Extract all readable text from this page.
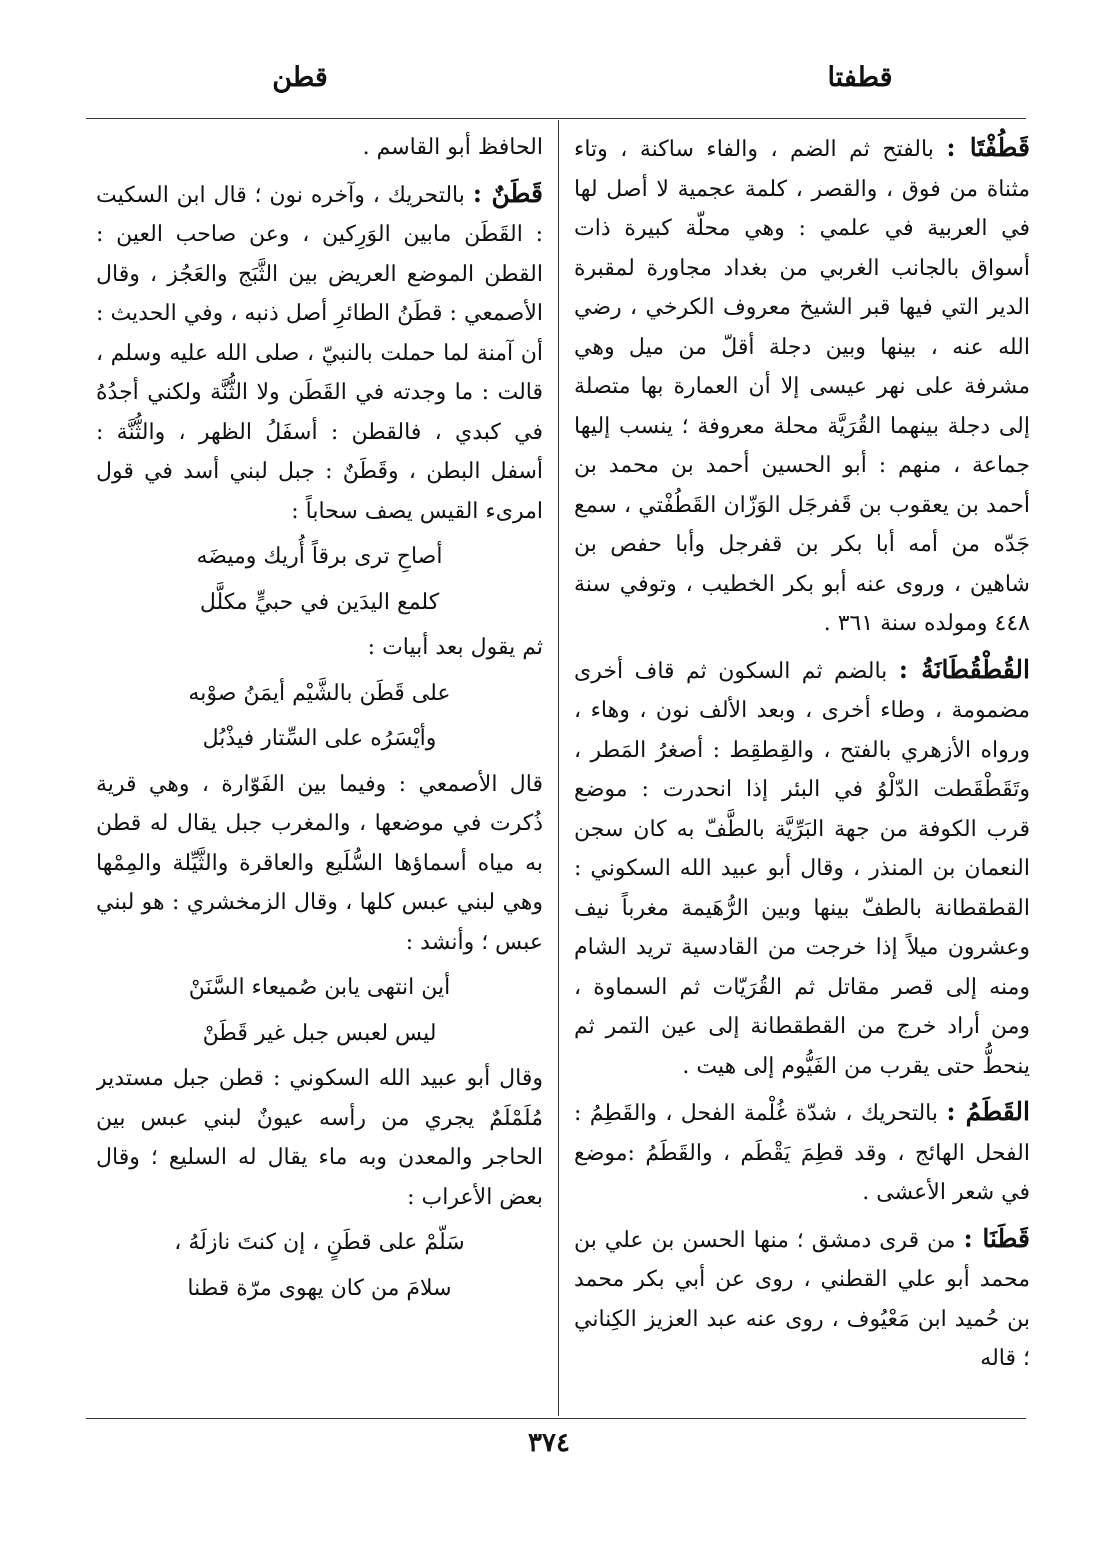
قطفتا
قطن

قَطُفْتَا : بالفتح ثم الضم ، والفاء ساكنة ، وتاء مثناة من فوق ، والقصر ، كلمة عجمية لا أصل لها في العربية في علمي : وهي محلّة كبيرة ذات أسواق بالجانب الغربي من بغداد مجاورة لمقبرة الدير التي فيها قبر الشيخ معروف الكرخي ، رضي الله عنه ، بينها وبين دجلة أقلّ من ميل وهي مشرفة على نهر عيسى إلا أن العمارة بها متصلة إلى دجلة بينهما القُرَيَّة محلة معروفة ؛ ينسب إليها جماعة ، منهم : أبو الحسين أحمد بن محمد بن أحمد بن يعقوب بن قَفرجَل الوَزّان القَطُفْتي ، سمع جَدّه من أمه أبا بكر بن قفرجل وأبا حفص بن شاهين ، وروى عنه أبو بكر الخطيب ، وتوفي سنة ٤٤٨ ومولده سنة ٣٦١ .

القُطْقُطَانَةُ : بالضم ثم السكون ثم قاف أخرى مضمومة ، وطاء أخرى ، وبعد الألف نون ، وهاء ، ورواه الأزهري بالفتح ، والقِطقِط : أصغرُ المَطر ، وتَقَطْقَطت الدّلْوُ في البئر إذا انحدرت : موضع قرب الكوفة من جهة البَرِّيَّة بالطَّفّ به كان سجن النعمان بن المنذر ، وقال أبو عبيد الله السكوني : القطقطانة بالطفّ بينها وبين الرُّهَيمة مغرباً نيف وعشرون ميلاً إذا خرجت من القادسية تريد الشام ومنه إلى قصر مقاتل ثم القُرَيّات ثم السماوة ، ومن أراد خرج من القطقطانة إلى عين التمر ثم ينحطُّ حتى يقرب من الفَيُّوم إلى هيت .

القَطَمُ : بالتحريك ، شدّة غُلْمة الفحل ، والقَطِمُ : الفحل الهائج ، وقد قطِمَ يَقْطَم ، والقَطَمُ :موضع في شعر الأعشى .

قَطَنَا : من قرى دمشق ؛ منها الحسن بن علي بن محمد أبو علي القطني ، روى عن أبي بكر محمد بن حُميد ابن مَعْيُوف ، روى عنه عبد العزيز الكِناني ؛ قاله

الحافظ أبو القاسم .

قَطَنٌ : بالتحريك ، وآخره نون ؛ قال ابن السكيت : القَطَن مابين الوَرِكين ، وعن صاحب العين : القطن الموضع العريض بين الثَّبَج والعَجُز ، وقال الأصمعي : قطَنُ الطائرِ أصل ذنبه ، وفي الحديث : أن آمنة لما حملت بالنبيّ ، صلى الله عليه وسلم ، قالت : ما وجدته في القَطَن ولا الثُّنَّة ولكني أجدُهُ في كبدي ، فالقطن : أسفَلُ الظهر ، والثُّنَّة : أسفل البطن ، وقَطَنٌ : جبل لبني أسد في قول امرىء القيس يصف سحاباً :

أصاحِ ترى برقاً أُريك وميضَه

كلمع اليدَين في حبيٍّ مكلَّل

ثم يقول بعد أبيات :

على قَطَن بالشَّيْم أيمَنُ صوْبه

وأيْسَرُه على السِّتار فيذْبُل

قال الأصمعي : وفيما بين الفَوّارة ، وهي قرية ذُكرت في موضعها ، والمغرب جبل يقال له قطن به مياه أسماؤها السُّلَيع والعاقرة والثَّيِّلة والمِمْها وهي لبني عبس كلها ، وقال الزمخشري : هو لبني عبس ؛ وأنشد :

أين انتهى يابن صُميعاء السَّنَنْ

ليس لعبس جبل غير قَطَنْ

وقال أبو عبيد الله السكوني : قطن جبل مستدير مُلَمْلَمٌ يجري من رأسه عيونٌ لبني عبس بين الحاجر والمعدن وبه ماء يقال له السليع ؛ وقال بعض الأعراب :

سَلّمْ على قطَنٍ ، إن كنتَ نازلَهُ ،

سلامَ من كان يهوى مرّة قطنا

٣٧٤
